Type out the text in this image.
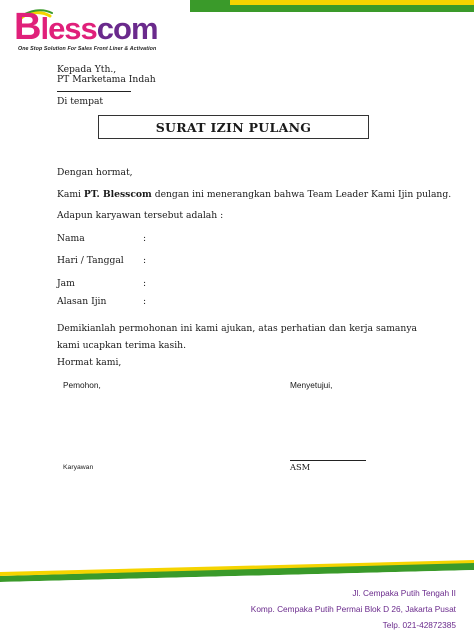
Blesscom
One Stop Solution For Sales Front Liner & Activation
Kepada Yth.,
PT Marketama Indah
Di tempat
SURAT IZIN PULANG
Dengan hormat,
Kami PT. Blesscom dengan ini menerangkan bahwa Team Leader Kami Ijin pulang.
Adapun karyawan tersebut adalah :
Nama	:
Hari / Tanggal :
Jam	:
Alasan Ijin	:
Demikianlah permohonan ini kami ajukan, atas perhatian dan kerja samanya kami ucapkan terima kasih.
Hormat kami,
Pemohon,	Menyetujui,
Karyawan	ASM
Jl. Cempaka Putih Tengah II
Komp. Cempaka Putih Permai Blok D 26, Jakarta Pusat
Telp. 021-42872385
